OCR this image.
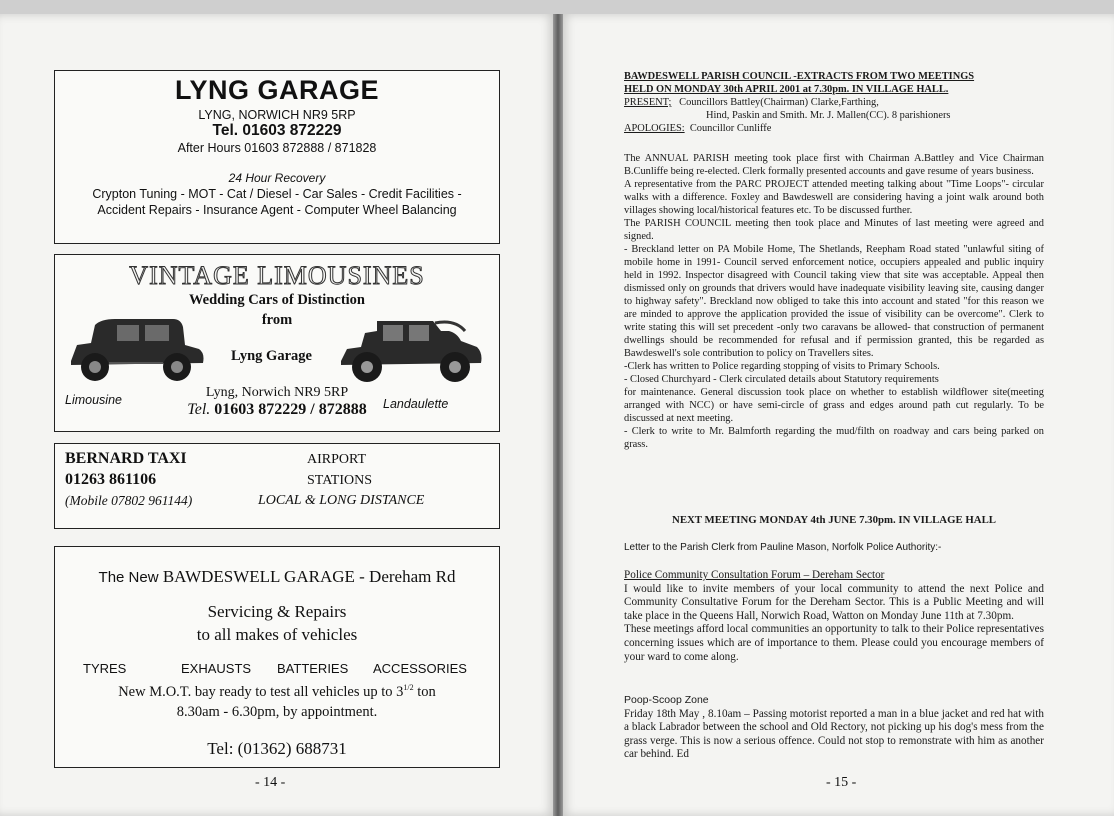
LYNG GARAGE
LYNG, NORWICH NR9 5RP
Tel. 01603 872229
After Hours 01603 872888 / 871828
24 Hour Recovery
Crypton Tuning - MOT - Cat / Diesel - Car Sales - Credit Facilities -
Accident Repairs - Insurance Agent - Computer Wheel Balancing
VINTAGE LIMOUSINES
Wedding Cars of Distinction
from
Lyng Garage
Limousine	Landaulette
Lyng, Norwich NR9 5RP
Tel. 01603 872229 / 872888
BERNARD TAXI
01263 861106
(Mobile 07802 961144)
AIRPORT
STATIONS
LOCAL & LONG DISTANCE
The New BAWDESWELL GARAGE - Dereham Rd
Servicing & Repairs
to all makes of vehicles
TYRES	EXHAUSTS BATTERIES ACCESSORIES
New M.O.T. bay ready to test all vehicles up to $3^{1/2}$ ton
8.30am - 6.30pm, by appointment.
Tel: (01362) 688731
- 14 -	- 15 -

BAWDESWELL PARISH COUNCIL -EXTRACTS FROM TWO MEETINGS

HELD ON MONDAY 30th APRIL 2001 at 7.30pm. IN VILLAGE HALL.

PRESENT; Councillors Battley(Chairman) Clarke,Farthing,

Hind, Paskin and Smith. Mr. J. Mallen(CC). 8 parishioners

APOLOGIES: Councillor Cunliffe

The ANNUAL PARISH meeting took place first with Chairman A.Battley and Vice Chairman B.Cunliffe being re-elected. Clerk formally presented accounts and gave resume of years business.

A representative from the PARC PROJECT attended meeting talking about "Time Loops"- circular walks with a difference. Foxley and Bawdeswell are considering having a joint walk around both villages showing local/historical features etc. To be discussed further.

The PARISH COUNCIL meeting then took place and Minutes of last meeting were agreed and signed.

- Breckland letter on PA Mobile Home, The Shetlands, Reepham Road stated "unlawful siting of mobile home in 1991- Council served enforcement notice, occupiers appealed and public inquiry held in 1992. Inspector disagreed with Council taking view that site was acceptable. Appeal then dismissed only on grounds that drivers would have inadequate visibility leaving site, causing danger to highway safety". Breckland now obliged to take this into account and stated "for this reason we are minded to approve the application provided the issue of visibility can be overcome". Clerk to write stating this will set precedent -only two caravans be allowed- that construction of permanent dwellings should be recommended for refusal and if permission granted, this be regarded as Bawdeswell's sole contribution to policy on Travellers sites.

-Clerk has written to Police regarding stopping of visits to Primary Schools.

- Closed Churchyard - Clerk circulated details about Statutory requirements

for maintenance. General discussion took place on whether to establish wildflower site(meeting arranged with NCC) or have semi-circle of grass and edges around path cut regularly. To be discussed at next meeting.

- Clerk to write to Mr. Balmforth regarding the mud/filth on roadway and cars being parked on grass.

NEXT MEETING MONDAY 4th JUNE 7.30pm. IN VILLAGE HALL
Letter to the Parish Clerk from Pauline Mason, Norfolk Police Authority:-

Police Community Consultation Forum – Dereham Sector

I would like to invite members of your local community to attend the next Police and Community Consultative Forum for the Dereham Sector. This is a Public Meeting and will take place in the Queens Hall, Norwich Road, Watton on Monday June 11th at 7.30pm.

These meetings afford local communities an opportunity to talk to their Police representatives concerning issues which are of importance to them. Please could you encourage members of your ward to come along.

Poop-Scoop Zone

Friday 18th May , 8.10am – Passing motorist reported a man in a blue jacket and red hat with a black Labrador between the school and Old Rectory, not picking up his dog's mess from the grass verge. This is now a serious offence. Could not stop to remonstrate with him as another car behind. Ed
